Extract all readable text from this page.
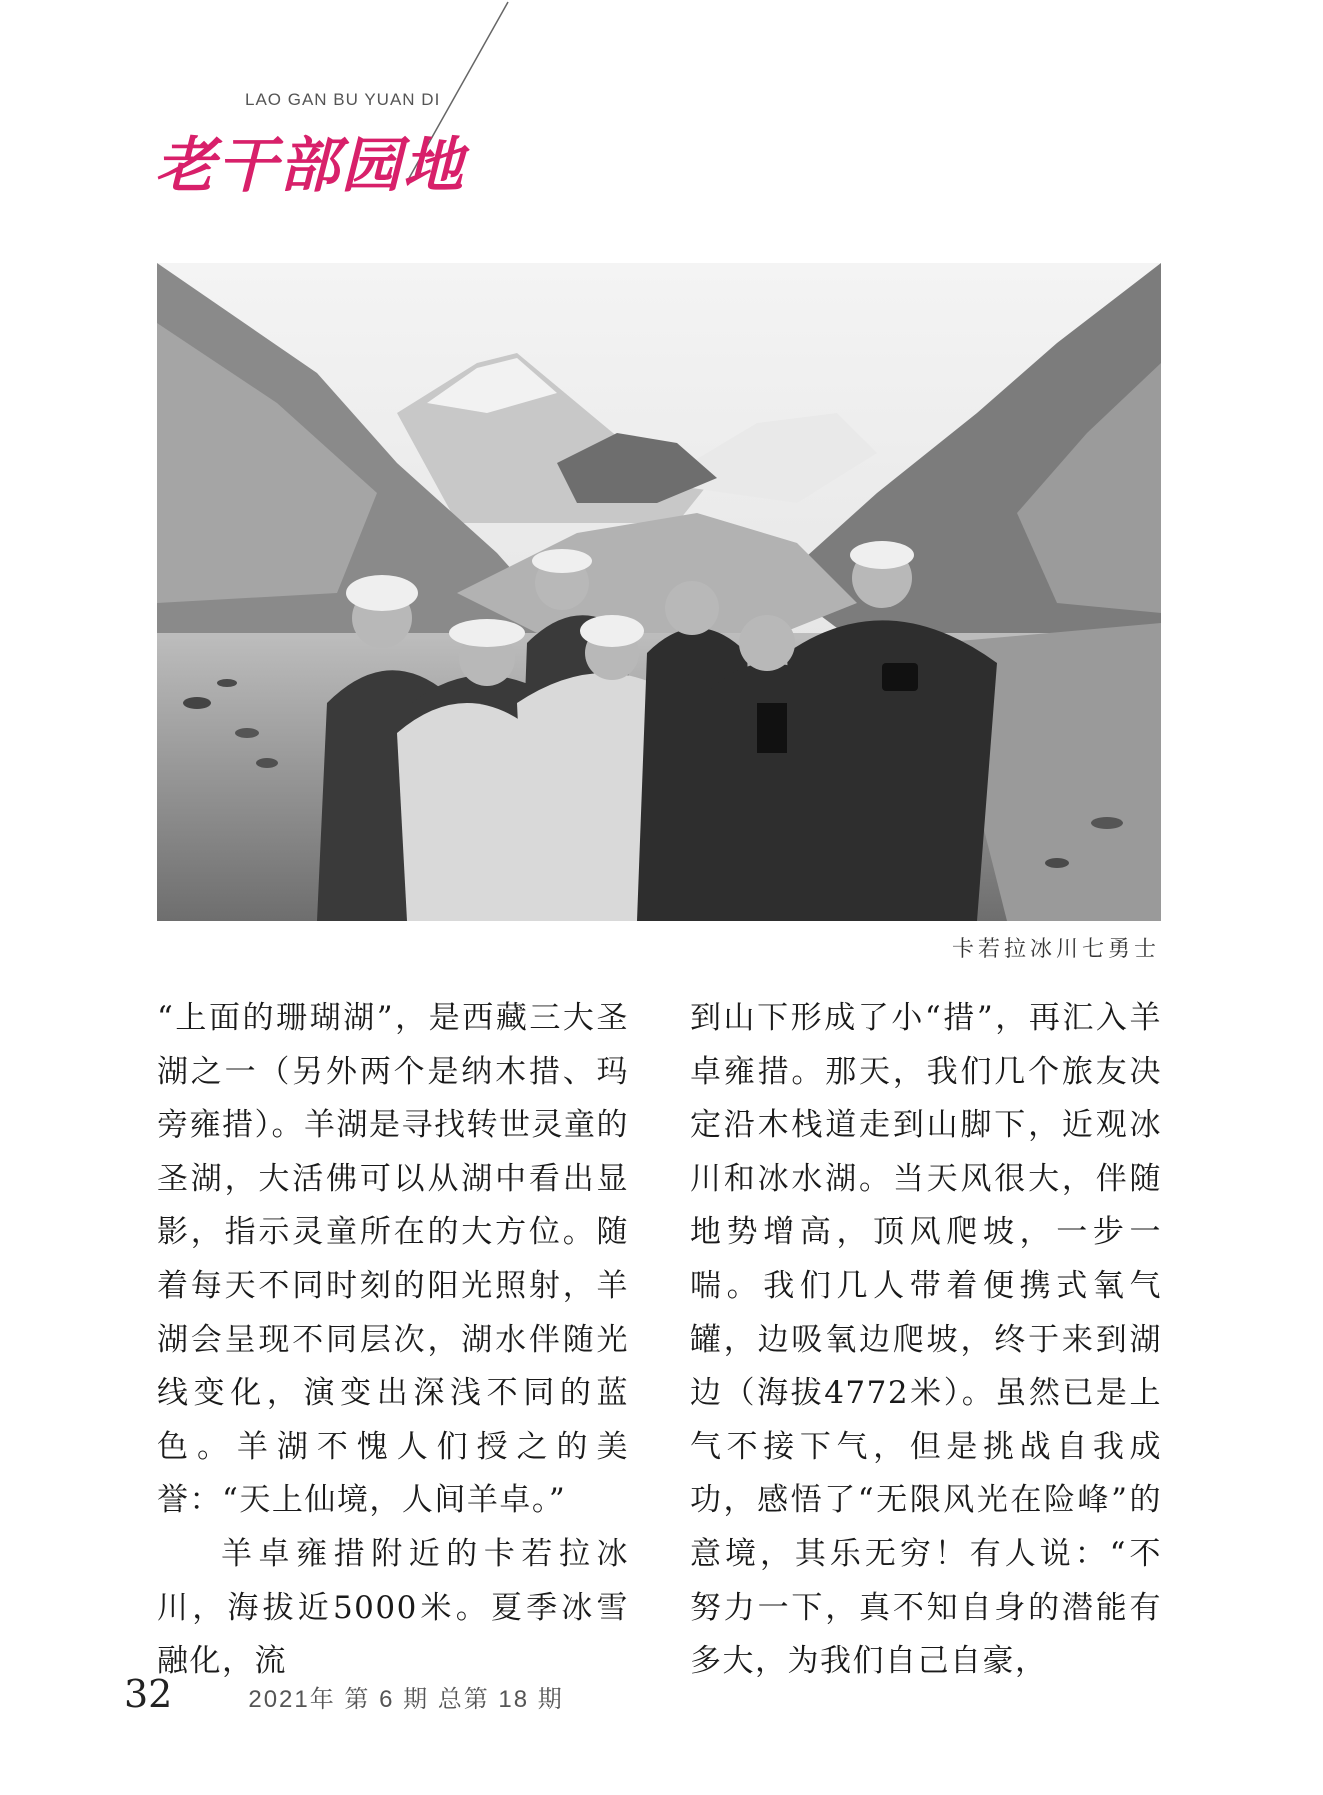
LAO GAN BU YUAN DI
老干部园地
卡若拉冰川七勇士

“上面的珊瑚湖”，是西藏三大圣湖之一（另外两个是纳木措、玛旁雍措）。羊湖是寻找转世灵童的圣湖，大活佛可以从湖中看出显影，指示灵童所在的大方位。随着每天不同时刻的阳光照射，羊湖会呈现不同层次，湖水伴随光线变化，演变出深浅不同的蓝色。羊湖不愧人们授之的美誉：“天上仙境，人间羊卓。”

羊卓雍措附近的卡若拉冰川，海拔近5000米。夏季冰雪融化，流

到山下形成了小“措”，再汇入羊卓雍措。那天，我们几个旅友决定沿木栈道走到山脚下，近观冰川和冰水湖。当天风很大，伴随地势增高，顶风爬坡，一步一喘。我们几人带着便携式氧气罐，边吸氧边爬坡，终于来到湖边（海拔4772米）。虽然已是上气不接下气，但是挑战自我成功，感悟了“无限风光在险峰”的意境，其乐无穷！有人说：“不努力一下，真不知自身的潜能有多大，为我们自己自豪，

32	2021年 第 6 期 总第 18 期
